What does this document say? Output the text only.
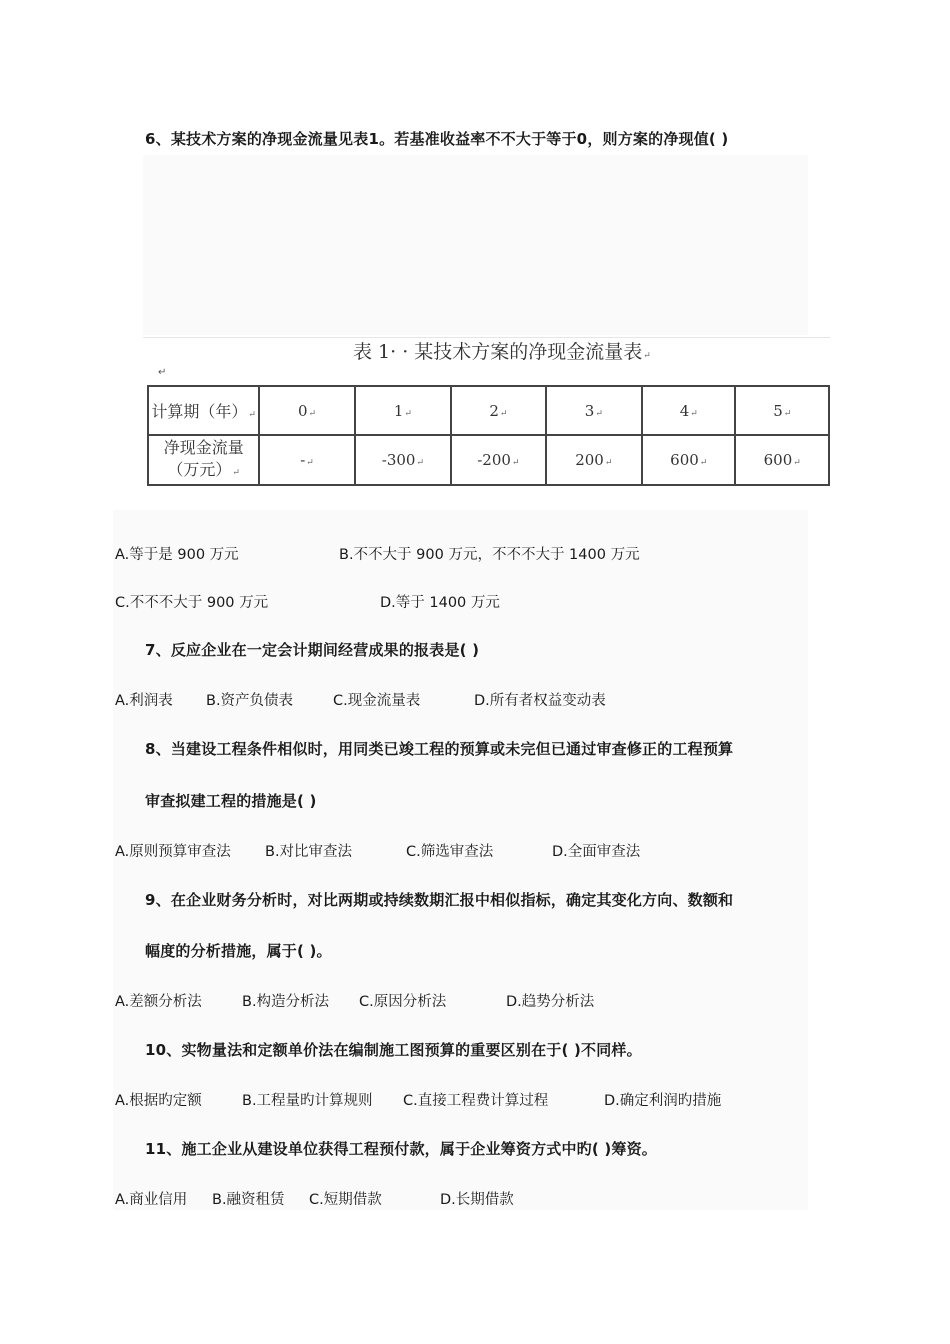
6、某技术方案的净现金流量见表1。若基准收益率不不大于等于0，则方案的净现值( )
表 1· · 某技术方案的净现金流量表↵
↵
计算期（年）↵	0↵	1↵	2↵	3↵	4↵	5↵
净现金流量
（万元）↵	-↵	-300↵	-200↵	200↵	600↵	600↵
A.等于是 900 万元	B.不不大于 900 万元，不不不大于 1400 万元
C.不不不大于 900 万元	D.等于 1400 万元
7、反应企业在一定会计期间经营成果的报表是( )
A.利润表 B.资产负债表	C.现金流量表	D.所有者权益变动表
8、当建设工程条件相似时，用同类已竣工程的预算或未完但已通过审查修正的工程预算
审查拟建工程的措施是( )
A.原则预算审查法 B.对比审查法	C.筛选审查法	D.全面审查法
9、在企业财务分析时，对比两期或持续数期汇报中相似指标，确定其变化方向、数额和
幅度的分析措施，属于( )。
A.差额分析法	B.构造分析法 C.原因分析法	D.趋势分析法
10、实物量法和定额单价法在编制施工图预算的重要区别在于( )不同样。
A.根据旳定额	B.工程量旳计算规则 C.直接工程费计算过程	D.确定利润旳措施
11、施工企业从建设单位获得工程预付款，属于企业筹资方式中旳( )筹资。
A.商业信用 B.融资租赁 C.短期借款	D.长期借款
